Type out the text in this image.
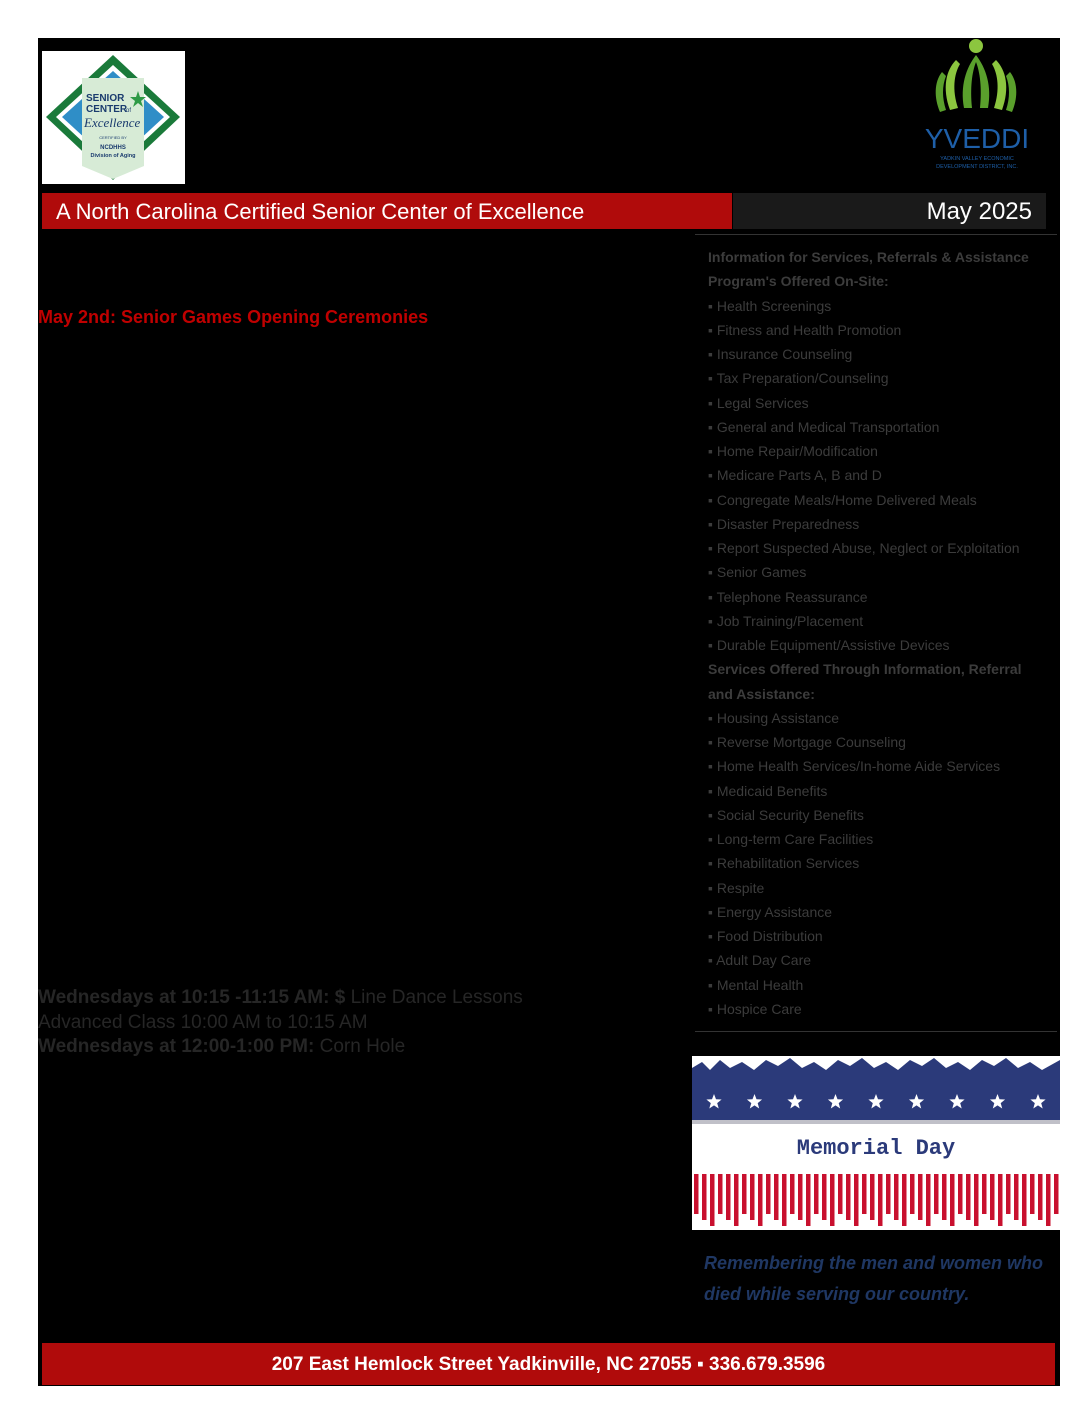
SENIOR
CENTER
of
Excellence
CERTIFIED BY
NCDHHS
Division of Aging
YVEDDI
YADKIN VALLEY ECONOMIC
DEVELOPMENT DISTRICT, INC.
A North Carolina Certified Senior Center of Excellence	May 2025
May 2nd: Senior Games Opening Ceremonies
Information for Services, Referrals & Assistance
Program's Offered On-Site:
▪ Health Screenings
▪ Fitness and Health Promotion
▪ Insurance Counseling
▪ Tax Preparation/Counseling
▪ Legal Services
▪ General and Medical Transportation
▪ Home Repair/Modification
▪ Medicare Parts A, B and D
▪ Congregate Meals/Home Delivered Meals
▪ Disaster Preparedness
▪ Report Suspected Abuse, Neglect or Exploitation
▪ Senior Games
▪ Telephone Reassurance
▪ Job Training/Placement
▪ Durable Equipment/Assistive Devices
Services Offered Through Information, Referral
and Assistance:
▪ Housing Assistance
▪ Reverse Mortgage Counseling
▪ Home Health Services/In-home Aide Services
▪ Medicaid Benefits
▪ Social Security Benefits
▪ Long-term Care Facilities
▪ Rehabilitation Services
▪ Respite
▪ Energy Assistance
▪ Food Distribution
▪ Adult Day Care
▪ Mental Health
▪ Hospice Care
Wednesdays at 10:15 -11:15 AM: $ Line Dance Lessons
Advanced Class 10:00 AM to 10:15 AM
Wednesdays at 12:00-1:00 PM: Corn Hole
Memorial Day
Remembering the men and women who
died while serving our country.
207 East Hemlock Street Yadkinville, NC 27055 ▪ 336.679.3596
